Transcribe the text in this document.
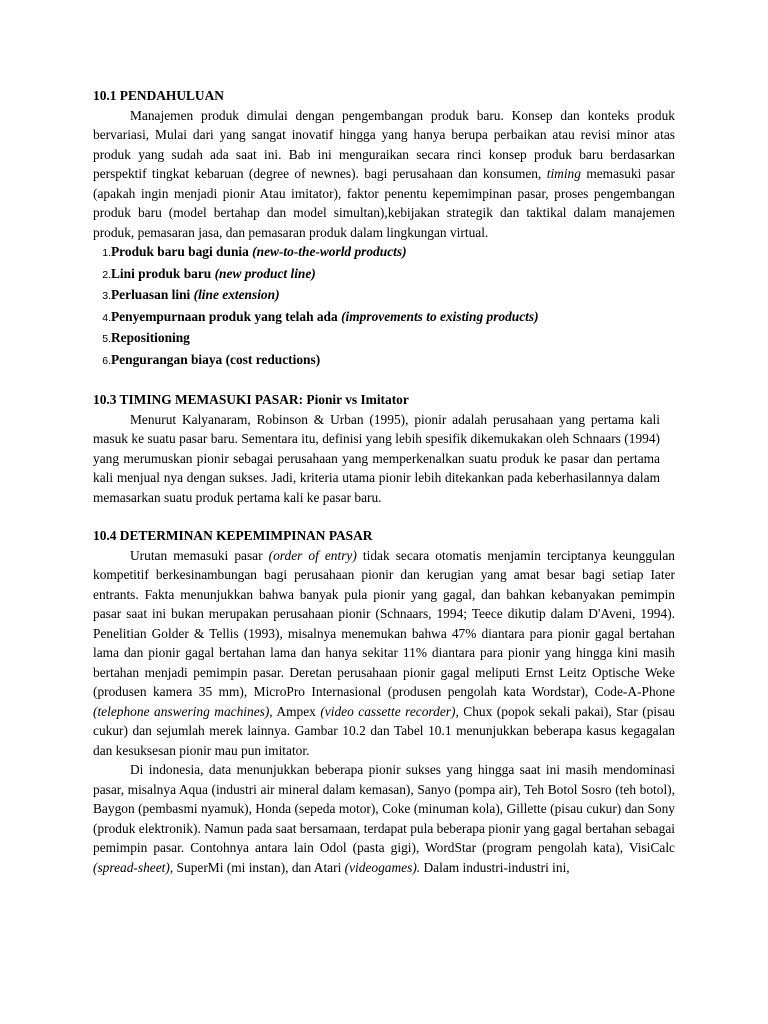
10.1 PENDAHULUAN

Manajemen produk dimulai dengan pengembangan produk baru. Konsep dan konteks produk bervariasi, Mulai dari yang sangat inovatif hingga yang hanya berupa perbaikan atau revisi minor atas produk yang sudah ada saat ini. Bab ini menguraikan secara rinci konsep produk baru berdasarkan perspektif tingkat kebaruan (degree of newnes). bagi perusahaan dan konsumen, timing memasuki pasar (apakah ingin menjadi pionir Atau imitator), faktor penentu kepemimpinan pasar, proses pengembangan produk baru (model bertahap dan model simultan),kebijakan strategik dan taktikal dalam manajemen produk, pemasaran jasa, dan pemasaran produk dalam lingkungan virtual.

1.Produk baru bagi dunia (new-to-the-world products)
2.Lini produk baru (new product line)
3.Perluasan lini (line extension)
4.Penyempurnaan produk yang telah ada (improvements to existing products)
5.Repositioning
6.Pengurangan biaya (cost reductions)
10.3 TIMING MEMASUKI PASAR: Pionir vs Imitator

Menurut Kalyanaram, Robinson & Urban (1995), pionir adalah perusahaan yang pertama kali masuk ke suatu pasar baru. Sementara itu, definisi yang lebih spesifik dikemukakan oleh Schnaars (1994) yang merumuskan pionir sebagai perusahaan yang memperkenalkan suatu produk ke pasar dan pertama kali menjual nya dengan sukses. Jadi, kriteria utama pionir lebih ditekankan pada keberhasilannya dalam memasarkan suatu produk pertama kali ke pasar baru.

10.4 DETERMINAN KEPEMIMPINAN PASAR

Urutan memasuki pasar (order of entry) tidak secara otomatis menjamin terciptanya keunggulan kompetitif berkesinambungan bagi perusahaan pionir dan kerugian yang amat besar bagi setiap Iater entrants. Fakta menunjukkan bahwa banyak pula pionir yang gagal, dan bahkan kebanyakan pemimpin pasar saat ini bukan merupakan perusahaan pionir (Schnaars, 1994; Teece dikutip dalam D'Aveni, 1994). Penelitian Golder & Tellis (1993), misalnya menemukan bahwa 47% diantara para pionir gagal bertahan lama dan pionir gagal bertahan lama dan hanya sekitar 11% diantara para pionir yang hingga kini masih bertahan menjadi pemimpin pasar. Deretan perusahaan pionir gagal meliputi Ernst Leitz Optische Weke (produsen kamera 35 mm), MicroPro Internasional (produsen pengolah kata Wordstar), Code-A-Phone (telephone answering machines), Ampex (video cassette recorder), Chux (popok sekali pakai), Star (pisau cukur) dan sejumlah merek lainnya. Gambar 10.2 dan Tabel 10.1 menunjukkan beberapa kasus kegagalan dan kesuksesan pionir mau pun imitator.

Di indonesia, data menunjukkan beberapa pionir sukses yang hingga saat ini masih mendominasi pasar, misalnya Aqua (industri air mineral dalam kemasan), Sanyo (pompa air), Teh Botol Sosro (teh botol), Baygon (pembasmi nyamuk), Honda (sepeda motor), Coke (minuman kola), Gillette (pisau cukur) dan Sony (produk elektronik). Namun pada saat bersamaan, terdapat pula beberapa pionir yang gagal bertahan sebagai pemimpin pasar. Contohnya antara lain Odol (pasta gigi), WordStar (program pengolah kata), VisiCalc (spread-sheet), SuperMi (mi instan), dan Atari (videogames). Dalam industri-industri ini,
